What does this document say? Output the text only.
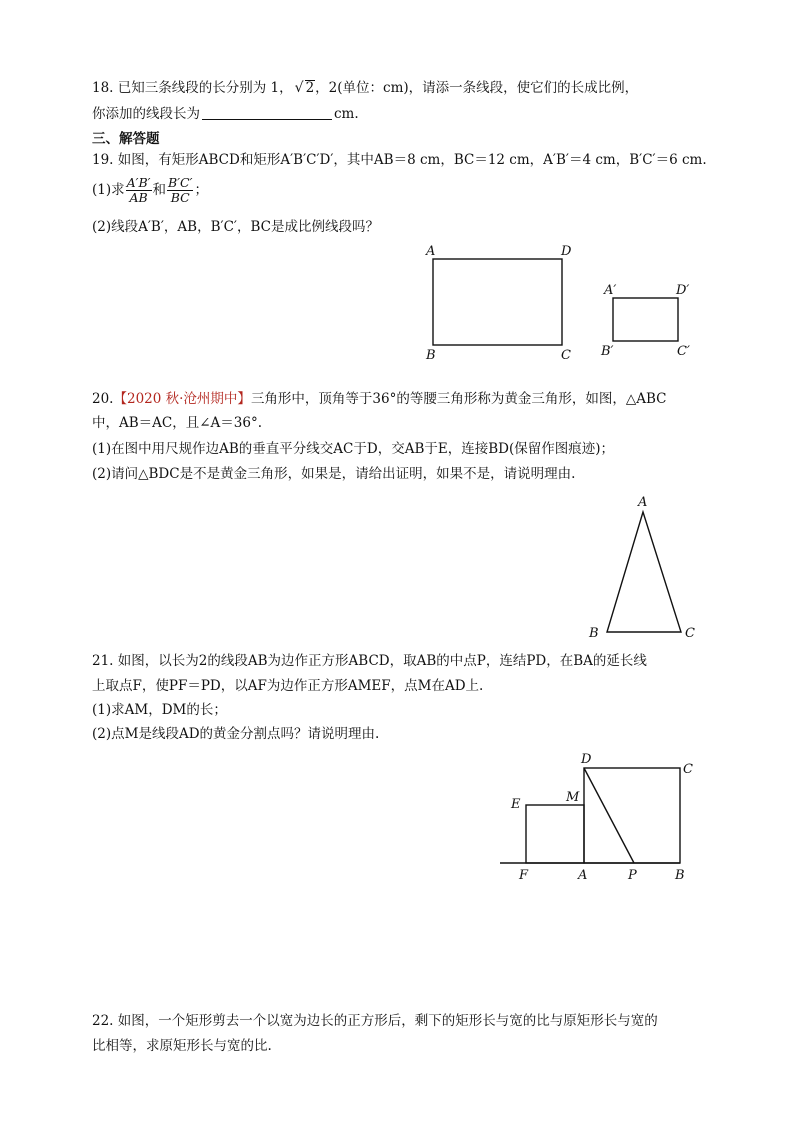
18. 已知三条线段的长分别为 1， √ 2，2(单位：cm)，请添一条线段，使它们的长成比例，
你添加的线段长为	cm.
三、解答题
19. 如图，有矩形ABCD和矩形A′B′C′D′，其中AB＝8 cm，BC＝12 cm，A′B′＝4 cm，B′C′＝6 cm.
(1)求 $\frac{A'B'}{AB}$ 和 $\frac{B'C'}{BC}$ ；
(2)线段A′B′，AB，B′C′，BC是成比例线段吗？
A	D
B	C
A′	D′
B′	C′
20.【2020 秋·沧州期中】三角形中，顶角等于36°的等腰三角形称为黄金三角形，如图，△ABC
中，AB＝AC，且∠A＝36°.
(1)在图中用尺规作边AB的垂直平分线交AC于D，交AB于E，连接BD(保留作图痕迹)；
(2)请问△BDC是不是黄金三角形，如果是，请给出证明，如果不是，请说明理由.
A
B	C
21. 如图，以长为2的线段AB为边作正方形ABCD，取AB的中点P，连结PD，在BA的延长线
上取点F，使PF＝PD，以AF为边作正方形AMEF，点M在AD上.
(1)求AM，DM的长；
(2)点M是线段AD的黄金分割点吗？请说明理由.
D
C
E	M
F	A	P	B
22. 如图，一个矩形剪去一个以宽为边长的正方形后，剩下的矩形长与宽的比与原矩形长与宽的
比相等，求原矩形长与宽的比.
